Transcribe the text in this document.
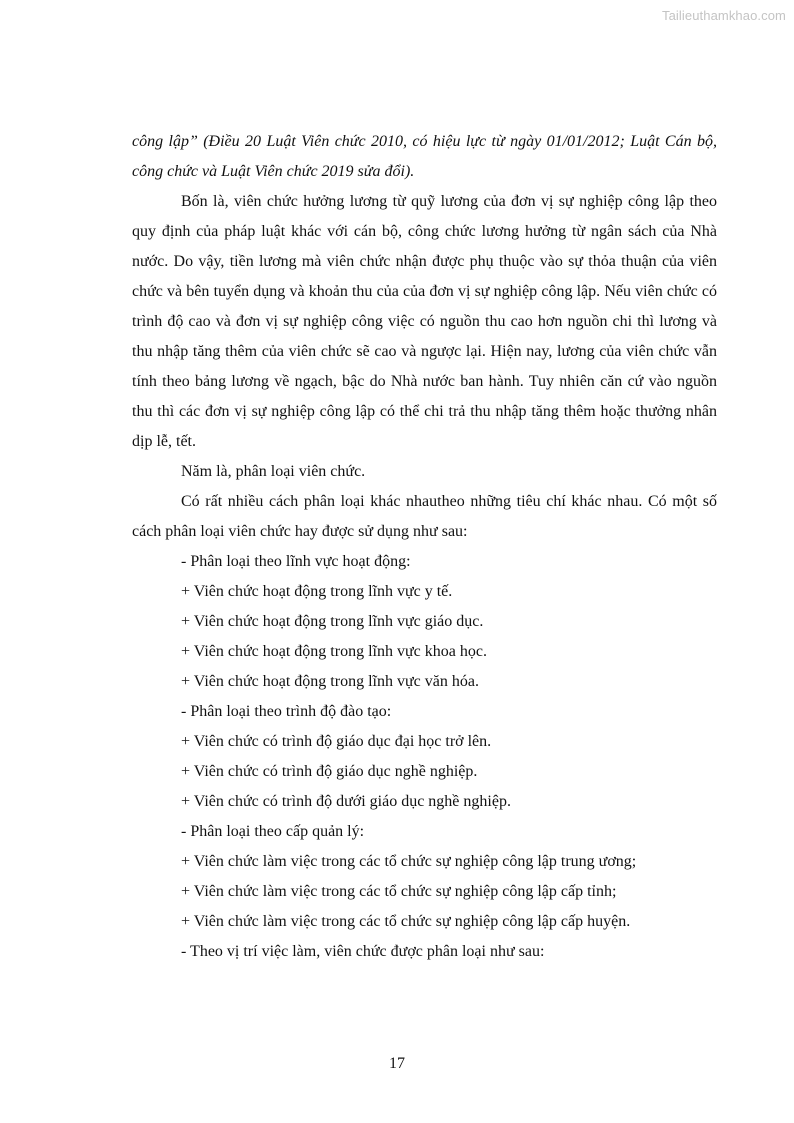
Tailieuthamkhao.com

công lập” (Điều 20 Luật Viên chức 2010, có hiệu lực từ ngày 01/01/2012; Luật Cán bộ, công chức và Luật Viên chức 2019 sửa đổi).

Bốn là, viên chức hưởng lương từ quỹ lương của đơn vị sự nghiệp công lập theo quy định của pháp luật khác với cán bộ, công chức lương hưởng từ ngân sách của Nhà nước. Do vậy, tiền lương mà viên chức nhận được phụ thuộc vào sự thỏa thuận của viên chức và bên tuyển dụng và khoản thu của của đơn vị sự nghiệp công lập. Nếu viên chức có trình độ cao và đơn vị sự nghiệp công việc có nguồn thu cao hơn nguồn chi thì lương và thu nhập tăng thêm của viên chức sẽ cao và ngược lại. Hiện nay, lương của viên chức vẫn tính theo bảng lương về ngạch, bậc do Nhà nước ban hành. Tuy nhiên căn cứ vào nguồn thu thì các đơn vị sự nghiệp công lập có thể chi trả thu nhập tăng thêm hoặc thưởng nhân dịp lễ, tết.

Năm là, phân loại viên chức.

Có rất nhiều cách phân loại khác nhautheo những tiêu chí khác nhau. Có một số cách phân loại viên chức hay được sử dụng như sau:

- Phân loại theo lĩnh vực hoạt động:

+ Viên chức hoạt động trong lĩnh vực y tế.

+ Viên chức hoạt động trong lĩnh vực giáo dục.

+ Viên chức hoạt động trong lĩnh vực khoa học.

+ Viên chức hoạt động trong lĩnh vực văn hóa.

- Phân loại theo trình độ đào tạo:

+ Viên chức có trình độ giáo dục đại học trở lên.

+ Viên chức có trình độ giáo dục nghề nghiệp.

+ Viên chức có trình độ dưới giáo dục nghề nghiệp.

- Phân loại theo cấp quản lý:

+ Viên chức làm việc trong các tổ chức sự nghiệp công lập trung ương;

+ Viên chức làm việc trong các tổ chức sự nghiệp công lập cấp tỉnh;

+ Viên chức làm việc trong các tổ chức sự nghiệp công lập cấp huyện.

- Theo vị trí việc làm, viên chức được phân loại như sau:

17
